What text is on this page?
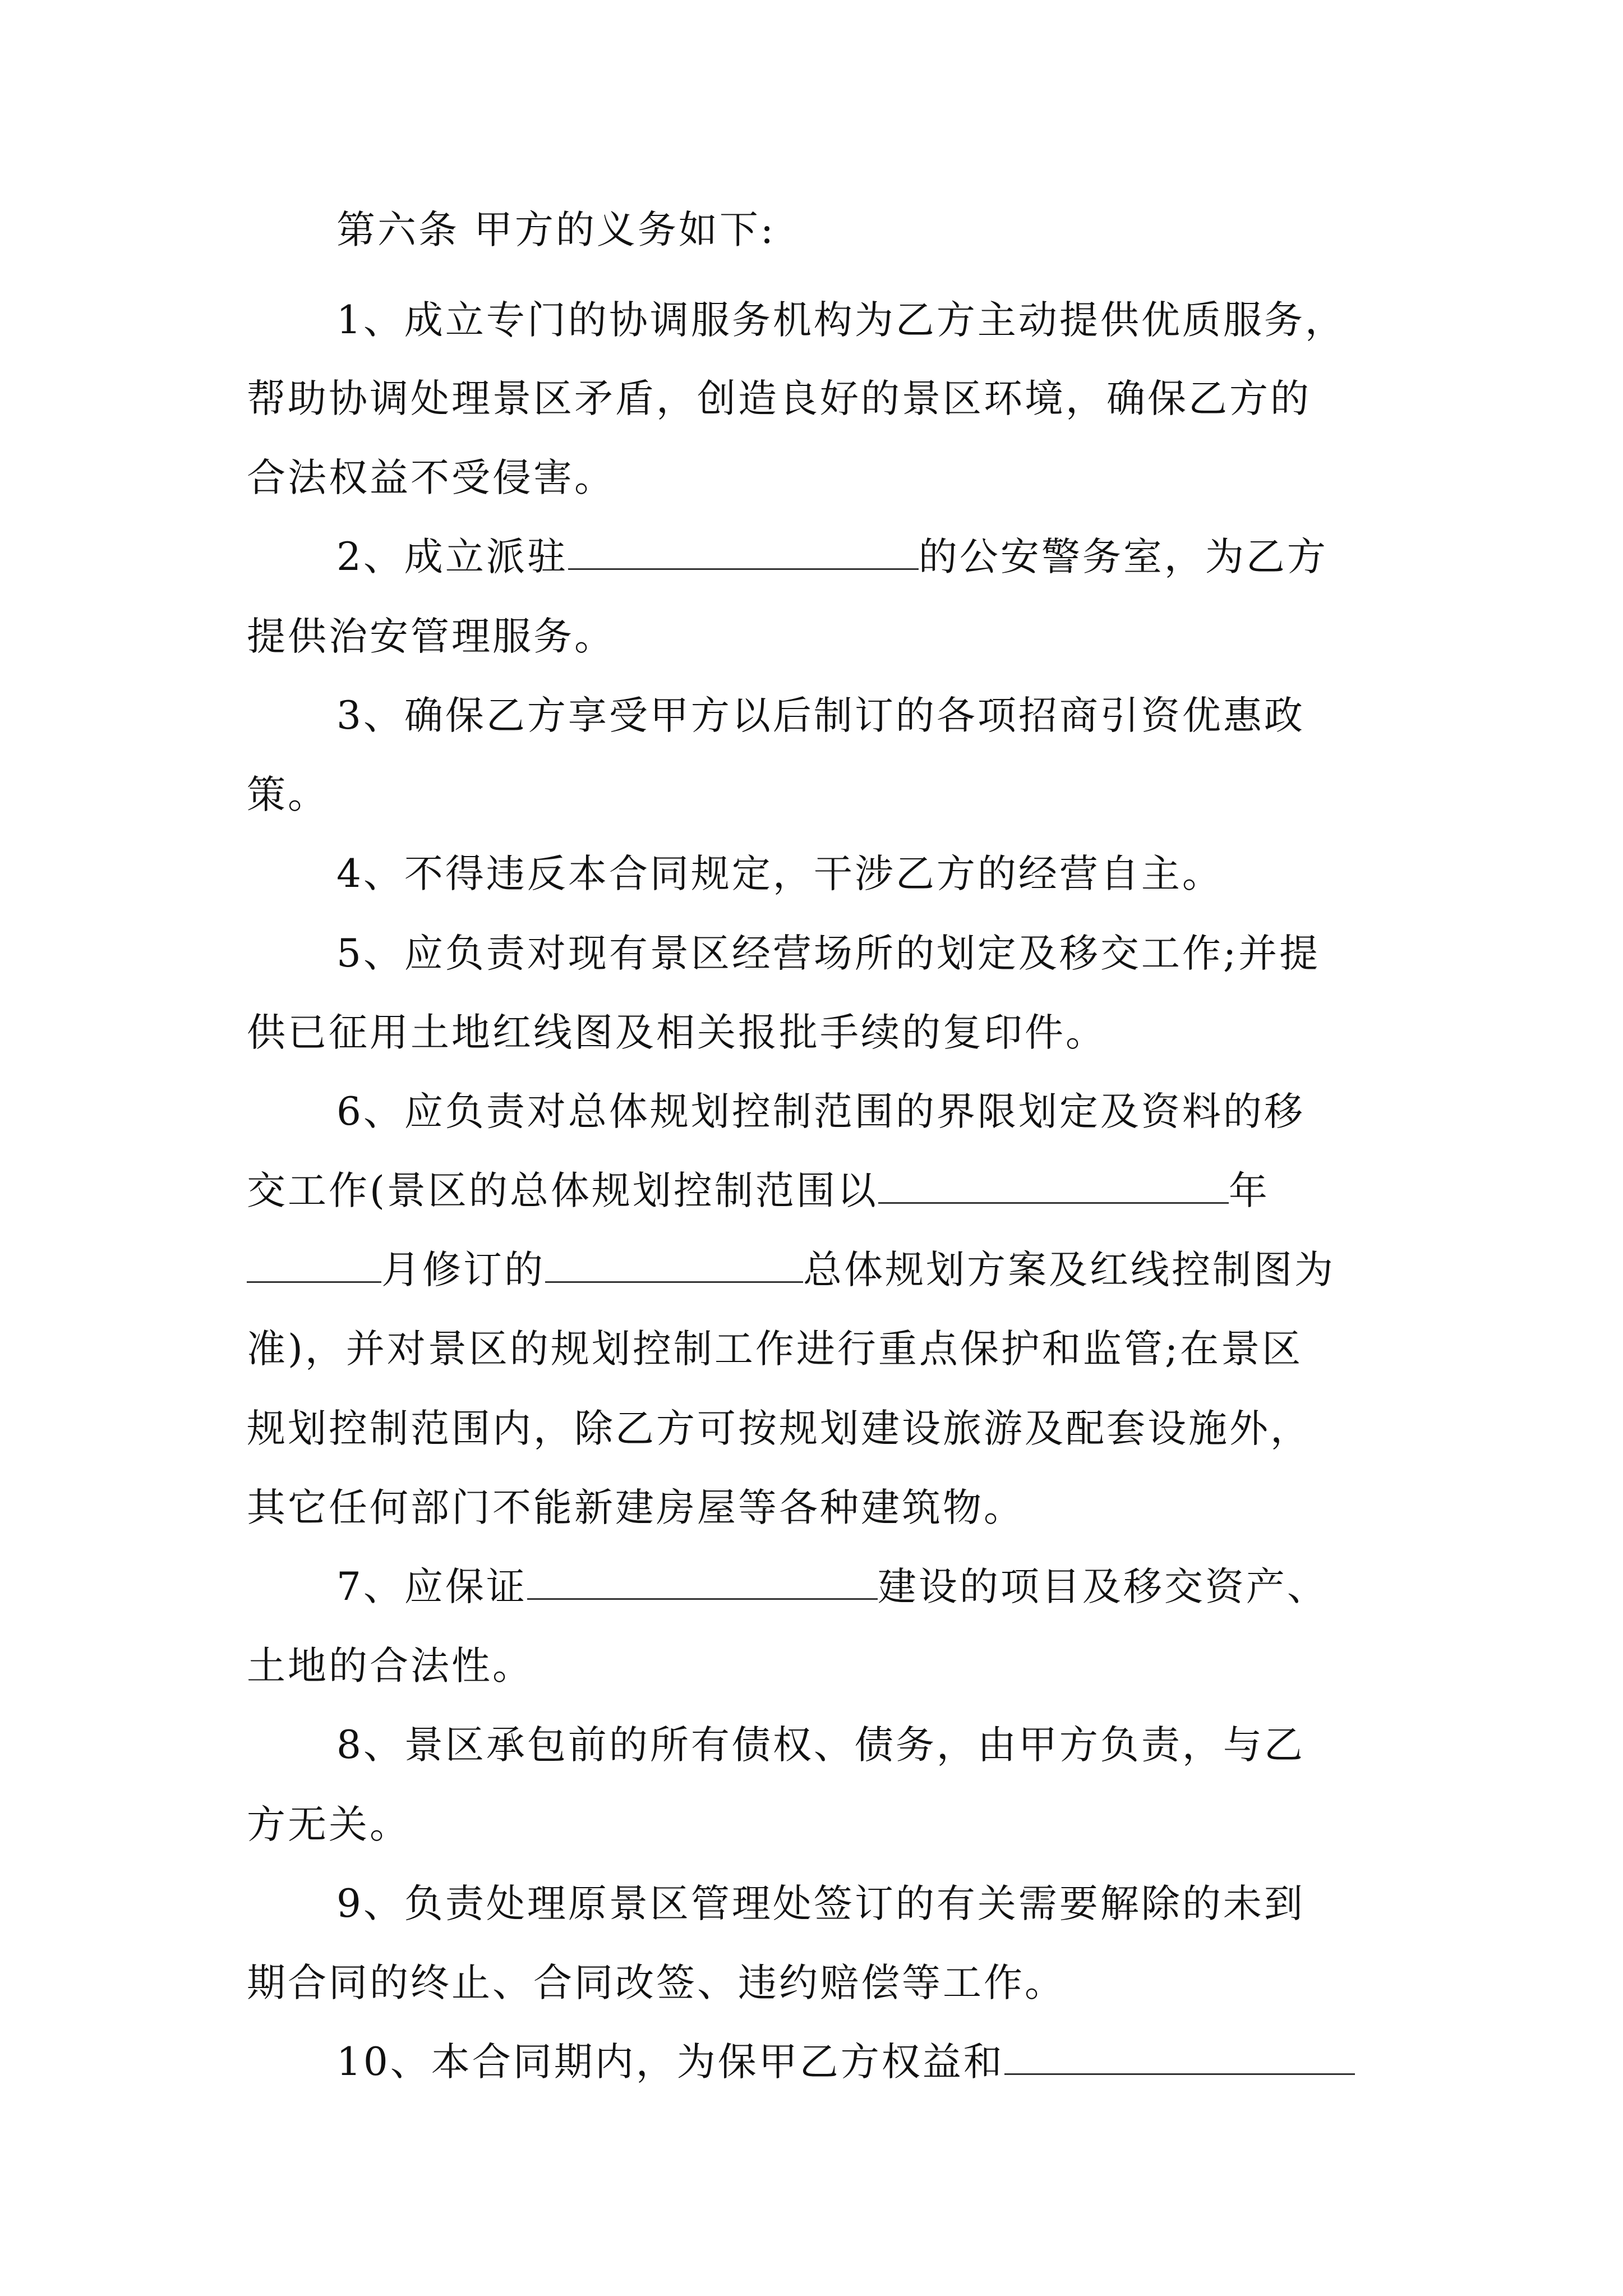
第六条 甲方的义务如下:
1、成立专门的协调服务机构为乙方主动提供优质服务，
帮助协调处理景区矛盾，创造良好的景区环境，确保乙方的
合法权益不受侵害。
2、成立派驻	的公安警务室，为乙方
提供治安管理服务。
3、确保乙方享受甲方以后制订的各项招商引资优惠政
策。
4、不得违反本合同规定，干涉乙方的经营自主。
5、应负责对现有景区经营场所的划定及移交工作;并提
供已征用土地红线图及相关报批手续的复印件。
6、应负责对总体规划控制范围的界限划定及资料的移
交工作(景区的总体规划控制范围以	年
月修订的	总体规划方案及红线控制图为
准)，并对景区的规划控制工作进行重点保护和监管;在景区
规划控制范围内，除乙方可按规划建设旅游及配套设施外，
其它任何部门不能新建房屋等各种建筑物。
7、应保证	建设的项目及移交资产、
土地的合法性。
8、景区承包前的所有债权、债务，由甲方负责，与乙
方无关。
9、负责处理原景区管理处签订的有关需要解除的未到
期合同的终止、合同改签、违约赔偿等工作。
10、本合同期内，为保甲乙方权益和
